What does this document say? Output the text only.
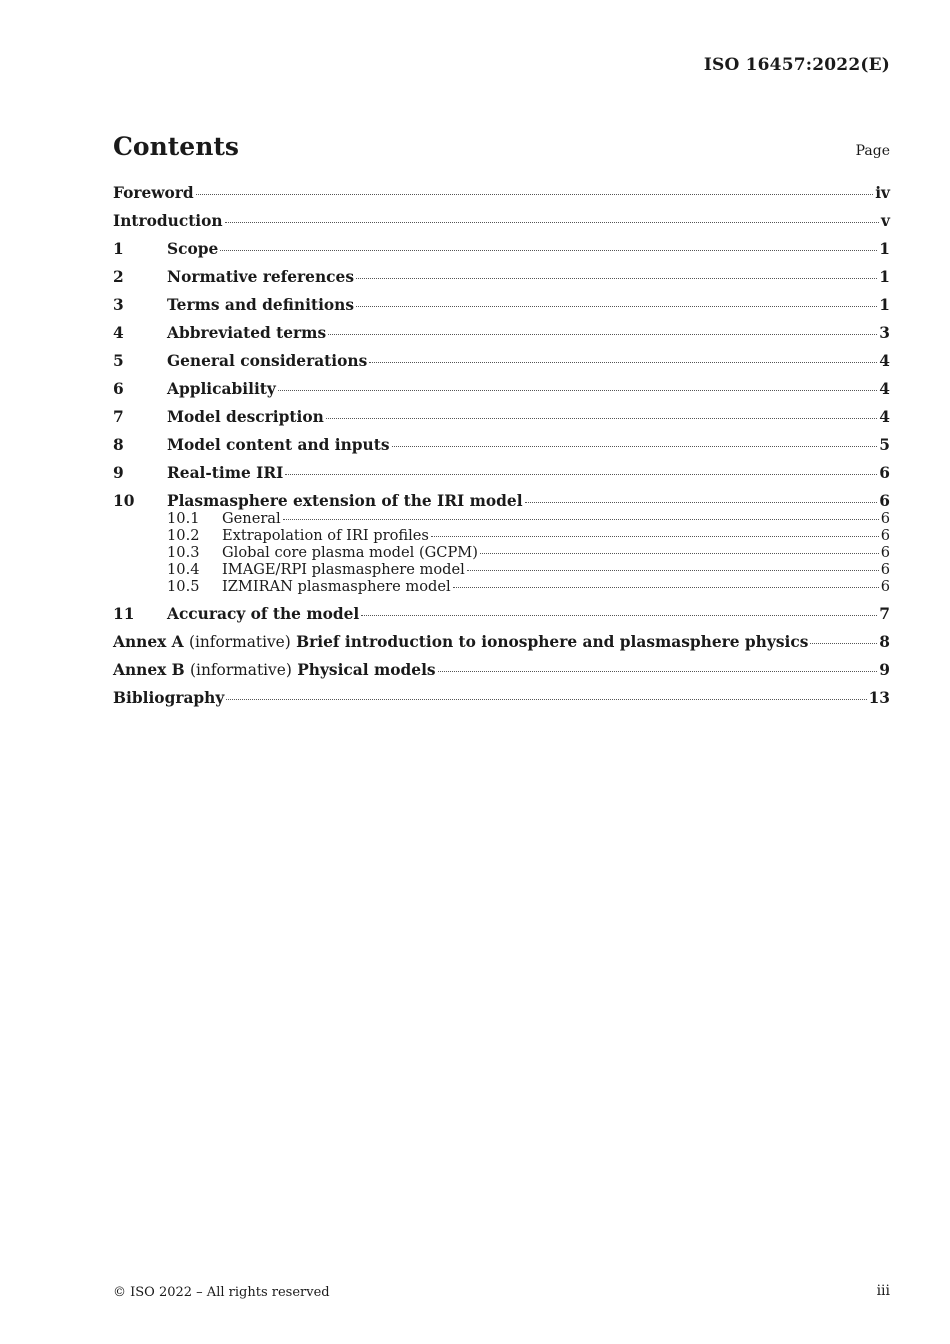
ISO 16457:2022(E)
Contents	Page
Foreword	iv
Introduction	v
1	Scope	1
2	Normative references	1
3	Terms and definitions	1
4	Abbreviated terms	3
5	General considerations	4
6	Applicability	4
7	Model description	4
8	Model content and inputs	5
9	Real-time IRI	6
10	Plasmasphere extension of the IRI model	6
10.1	General	6
10.2	Extrapolation of IRI profiles	6
10.3	Global core plasma model (GCPM)	6
10.4	IMAGE/RPI plasmasphere model	6
10.5	IZMIRAN plasmasphere model	6
11	Accuracy of the model	7
Annex A (informative) Brief introduction to ionosphere and plasmasphere physics	8
Annex B (informative) Physical models	9
Bibliography	13
© ISO 2022 – All rights reserved	iii
